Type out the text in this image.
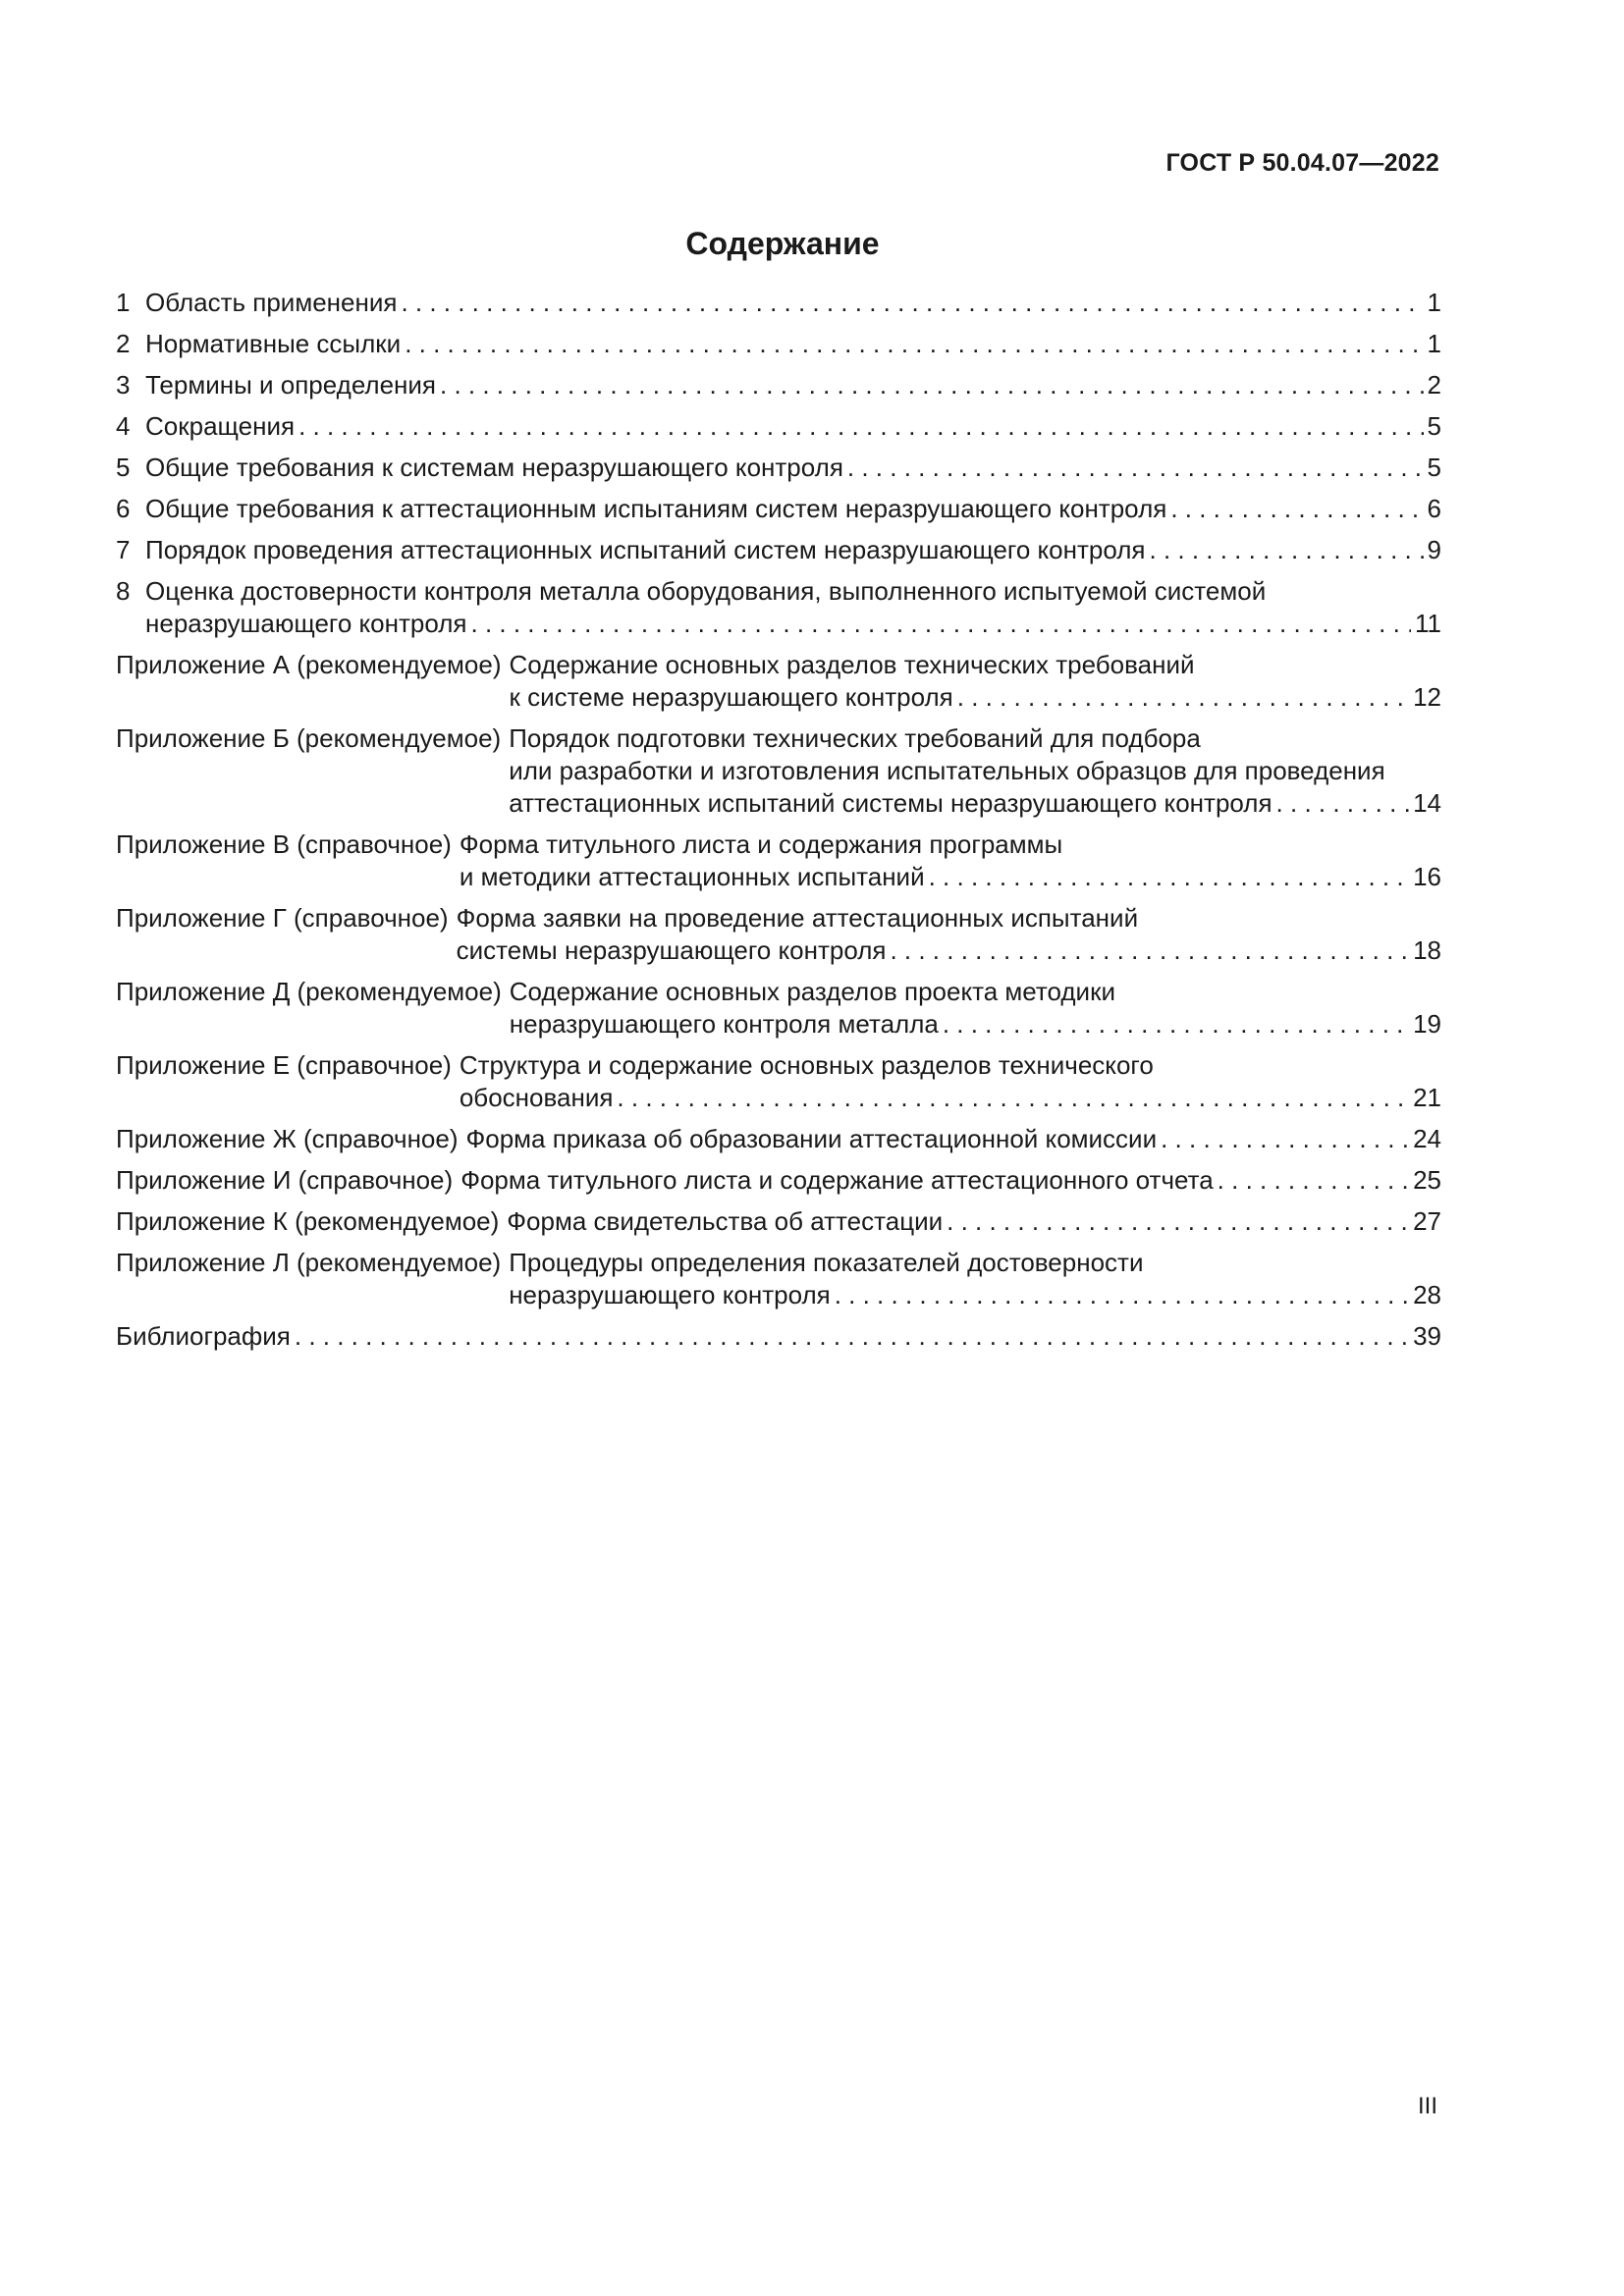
ГОСТ Р 50.04.07—2022
Содержание
1 Область применения . . .	1
2 Нормативные ссылки . . .	1
3 Термины и определения . . .	2
4 Сокращения . . .	5
5 Общие требования к системам неразрушающего контроля . . .	5
6 Общие требования к аттестационным испытаниям систем неразрушающего контроля . . .	6
7 Порядок проведения аттестационных испытаний систем неразрушающего контроля . . .	9
8 Оценка достоверности контроля металла оборудования, выполненного испытуемой системой
неразрушающего контроля . . .	11
Приложение А (рекомендуемое) Содержание основных разделов технических требований
к системе неразрушающего контроля . . .	12
Приложение Б (рекомендуемое) Порядок подготовки технических требований для подбора
или разработки и изготовления испытательных образцов для проведения
аттестационных испытаний системы неразрушающего контроля . . .	14
Приложение В (справочное) Форма титульного листа и содержания программы
и методики аттестационных испытаний . . .	16
Приложение Г (справочное) Форма заявки на проведение аттестационных испытаний
системы неразрушающего контроля . . .	18
Приложение Д (рекомендуемое) Содержание основных разделов проекта методики
неразрушающего контроля металла . . .	19
Приложение Е (справочное) Структура и содержание основных разделов технического
обоснования . . .	21
Приложение Ж (справочное) Форма приказа об образовании аттестационной комиссии . . .	24
Приложение И (справочное) Форма титульного листа и содержание аттестационного отчета . . .	25
Приложение К (рекомендуемое) Форма свидетельства об аттестации . . .	27
Приложение Л (рекомендуемое) Процедуры определения показателей достоверности
неразрушающего контроля . . .	28
Библиография . . .	39
III
